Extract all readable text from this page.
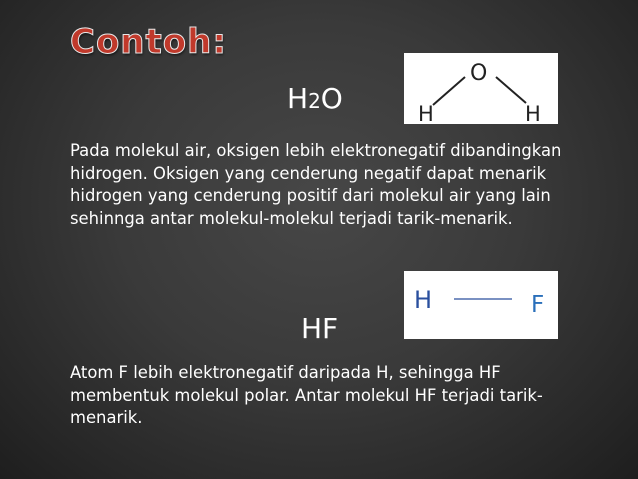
Contoh:
H2O
O
H	H

Pada molekul air, oksigen lebih elektronegatif dibandingkan hidrogen. Oksigen yang cenderung negatif dapat menarik hidrogen yang cenderung positif dari molekul air yang lain sehinnga antar molekul-molekul terjadi tarik-menarik.

HF
H	F

Atom F lebih elektronegatif daripada H, sehingga HF membentuk molekul polar. Antar molekul HF terjadi tarik-menarik.
